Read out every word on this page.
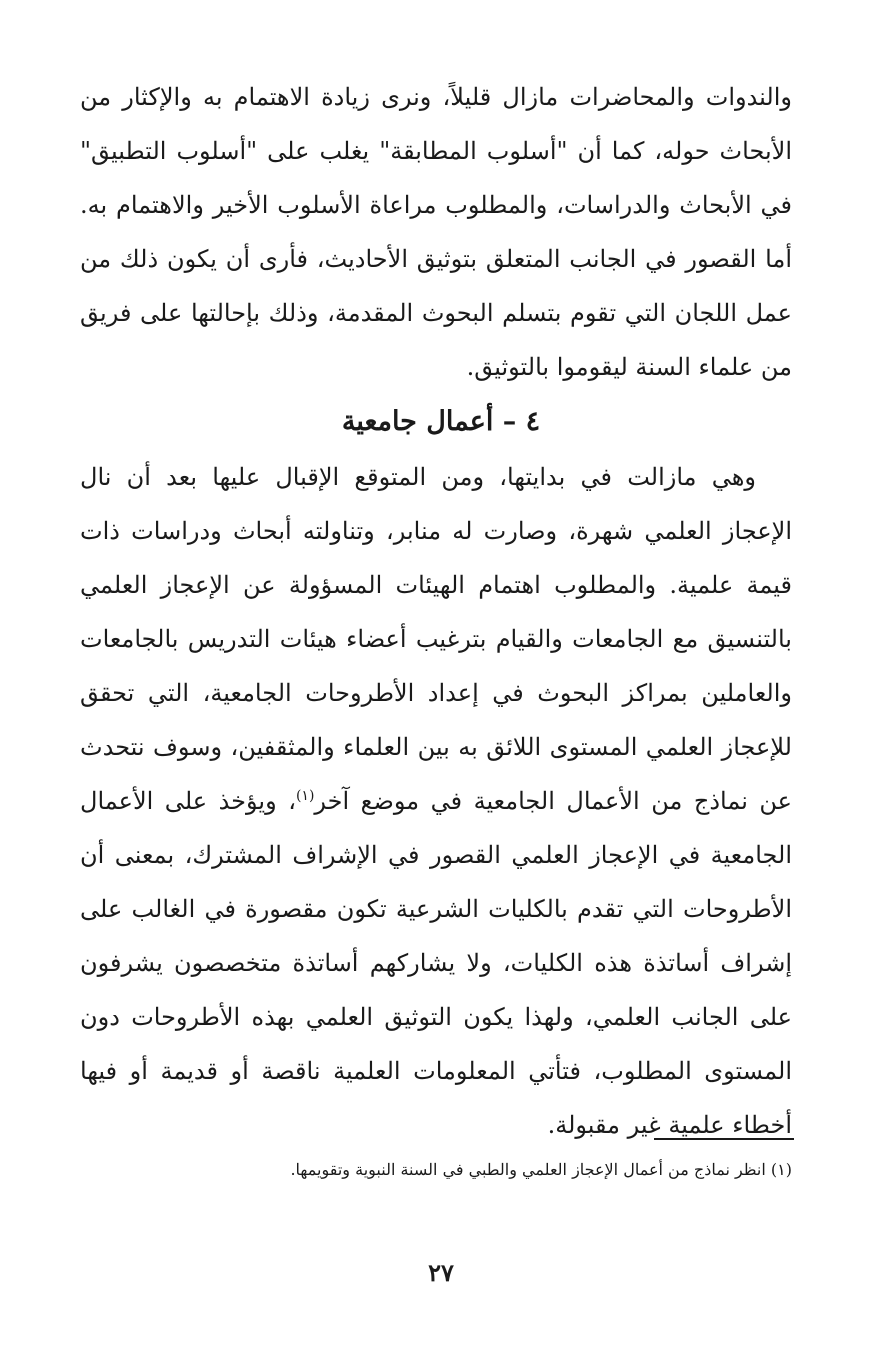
والندوات والمحاضرات مازال قليلاً، ونرى زيادة الاهتمام به والإكثار من الأبحاث حوله، كما أن "أسلوب المطابقة" يغلب على "أسلوب التطبيق" في الأبحاث والدراسات، والمطلوب مراعاة الأسلوب الأخير والاهتمام به. أما القصور في الجانب المتعلق بتوثيق الأحاديث، فأرى أن يكون ذلك من عمل اللجان التي تقوم بتسلم البحوث المقدمة، وذلك بإحالتها على فريق من علماء السنة ليقوموا بالتوثيق.

٤ – أعمال جامعية

وهي مازالت في بدايتها، ومن المتوقع الإقبال عليها بعد أن نال الإعجاز العلمي شهرة، وصارت له منابر، وتناولته أبحاث ودراسات ذات قيمة علمية. والمطلوب اهتمام الهيئات المسؤولة عن الإعجاز العلمي بالتنسيق مع الجامعات والقيام بترغيب أعضاء هيئات التدريس بالجامعات والعاملين بمراكز البحوث في إعداد الأطروحات الجامعية، التي تحقق للإعجاز العلمي المستوى اللائق به بين العلماء والمثقفين، وسوف نتحدث عن نماذج من الأعمال الجامعية في موضع آخر$^{(١)}$، ويؤخذ على الأعمال الجامعية في الإعجاز العلمي القصور في الإشراف المشترك، بمعنى أن الأطروحات التي تقدم بالكليات الشرعية تكون مقصورة في الغالب على إشراف أساتذة هذه الكليات، ولا يشاركهم أساتذة متخصصون يشرفون على الجانب العلمي، ولهذا يكون التوثيق العلمي بهذه الأطروحات دون المستوى المطلوب، فتأتي المعلومات العلمية ناقصة أو قديمة أو فيها أخطاء علمية غير مقبولة.

(١) انظر نماذج من أعمال الإعجاز العلمي والطبي في السنة النبوية وتقويمها.

٢٧
